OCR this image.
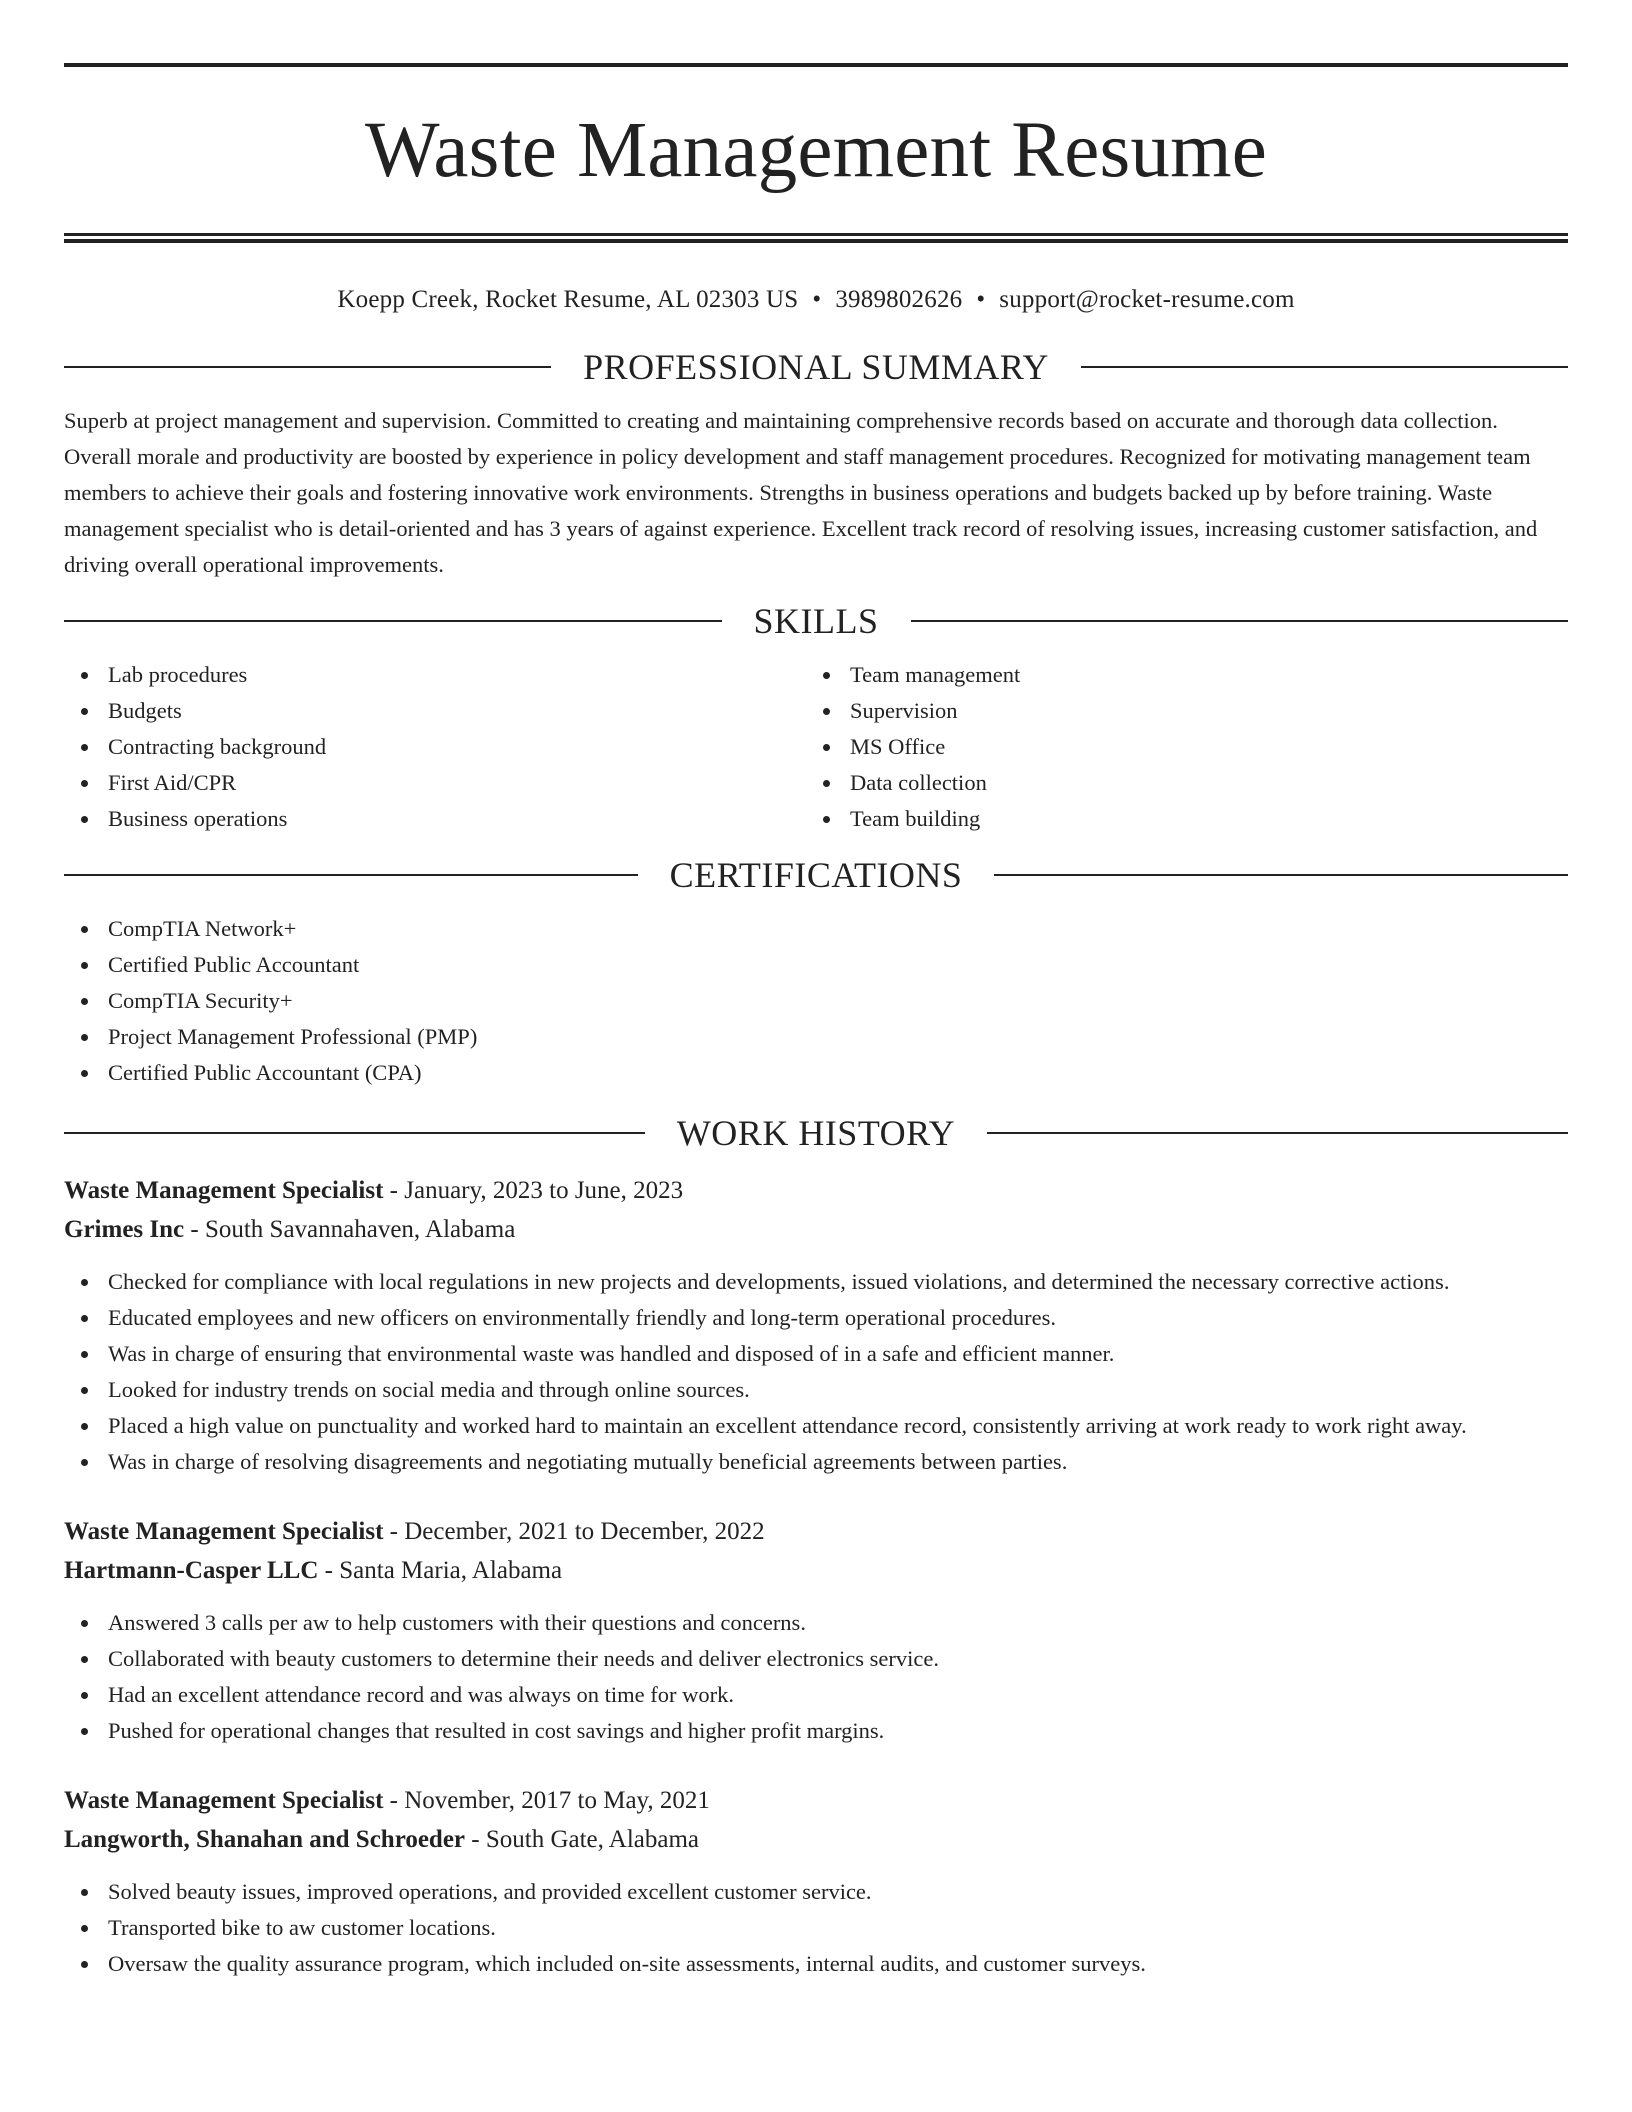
Waste Management Resume
Koepp Creek, Rocket Resume, AL 02303 US • 3989802626 • support@rocket-resume.com
PROFESSIONAL SUMMARY

Superb at project management and supervision. Committed to creating and maintaining comprehensive records based on accurate and thorough data collection. Overall morale and productivity are boosted by experience in policy development and staff management procedures. Recognized for motivating management team members to achieve their goals and fostering innovative work environments. Strengths in business operations and budgets backed up by before training. Waste management specialist who is detail-oriented and has 3 years of against experience. Excellent track record of resolving issues, increasing customer satisfaction, and driving overall operational improvements.

SKILLS
Lab procedures
Budgets
Contracting background
First Aid/CPR
Business operations
Team management
Supervision
MS Office
Data collection
Team building
CERTIFICATIONS
CompTIA Network+
Certified Public Accountant
CompTIA Security+
Project Management Professional (PMP)
Certified Public Accountant (CPA)
WORK HISTORY
Waste Management Specialist - January, 2023 to June, 2023
Grimes Inc - South Savannahaven, Alabama
Checked for compliance with local regulations in new projects and developments, issued violations, and determined the necessary corrective actions.
Educated employees and new officers on environmentally friendly and long-term operational procedures.
Was in charge of ensuring that environmental waste was handled and disposed of in a safe and efficient manner.
Looked for industry trends on social media and through online sources.
Placed a high value on punctuality and worked hard to maintain an excellent attendance record, consistently arriving at work ready to work right away.
Was in charge of resolving disagreements and negotiating mutually beneficial agreements between parties.
Waste Management Specialist - December, 2021 to December, 2022
Hartmann-Casper LLC - Santa Maria, Alabama
Answered 3 calls per aw to help customers with their questions and concerns.
Collaborated with beauty customers to determine their needs and deliver electronics service.
Had an excellent attendance record and was always on time for work.
Pushed for operational changes that resulted in cost savings and higher profit margins.
Waste Management Specialist - November, 2017 to May, 2021
Langworth, Shanahan and Schroeder - South Gate, Alabama
Solved beauty issues, improved operations, and provided excellent customer service.
Transported bike to aw customer locations.
Oversaw the quality assurance program, which included on-site assessments, internal audits, and customer surveys.
